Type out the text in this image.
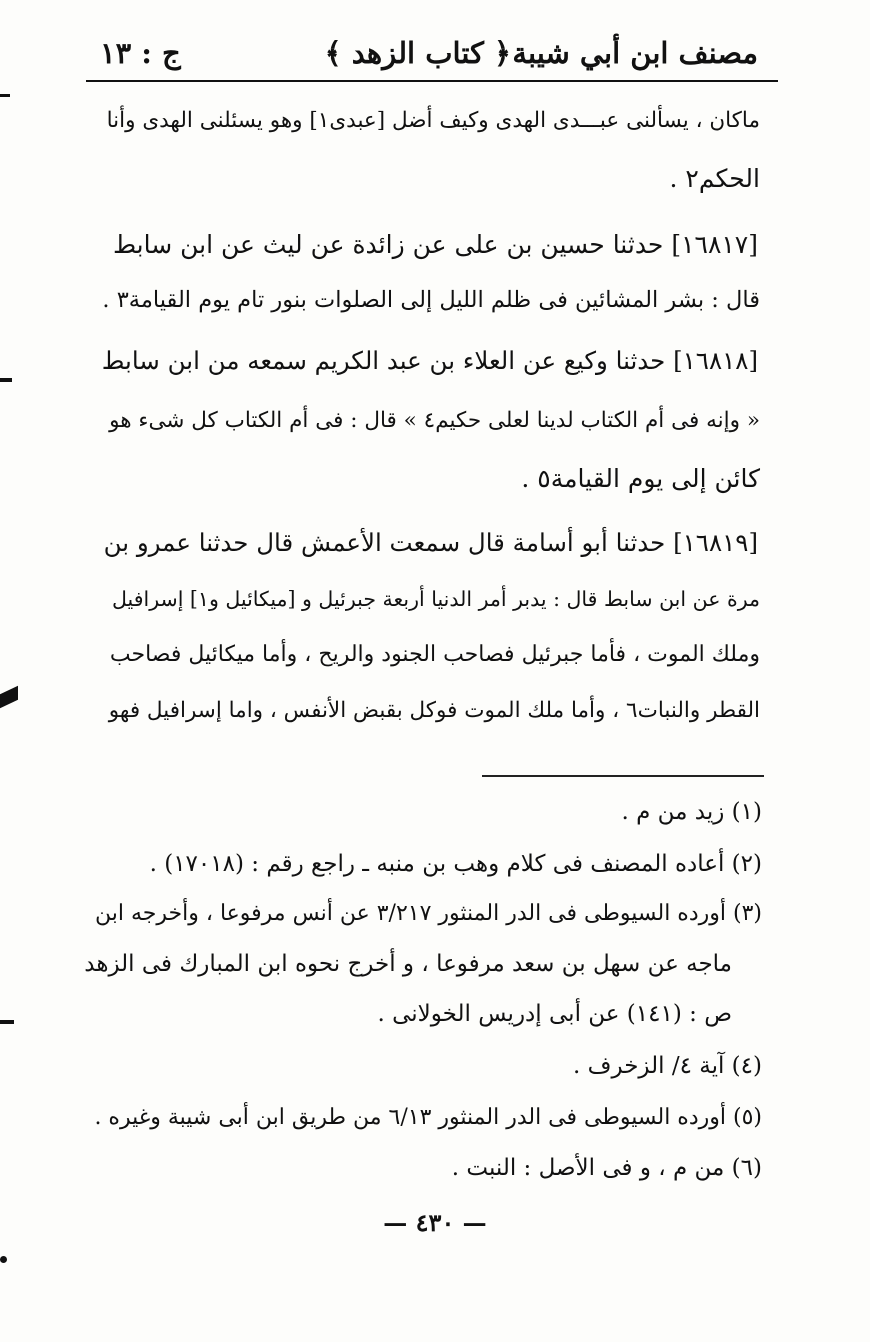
مصنف ابن أبي شيبة
﴿ كتاب الزهد ﴾
ج : ١٣
ماكان ، يسألنى عبـــدى الهدى وكيف أضل [عبدى١] وهو يسئلنى الهدى وأنا
الحكم٢ .
[١٦٨١٧] حدثنا حسين بن على عن زائدة عن ليث عن ابن سابط
قال : بشر المشائين فى ظلم الليل إلى الصلوات بنور تام يوم القيامة٣ .
[١٦٨١٨] حدثنا وكيع عن العلاء بن عبد الكريم سمعه من ابن سابط
« وإنه فى أم الكتاب لدينا لعلى حكيم٤ » قال : فى أم الكتاب كل شىء هو
كائن إلى يوم القيامة٥ .
[١٦٨١٩] حدثنا أبو أسامة قال سمعت الأعمش قال حدثنا عمرو بن
مرة عن ابن سابط قال : يدبر أمر الدنيا أربعة جبرئيل و [ميكائيل و١] إسرافيل
وملك الموت ، فأما جبرئيل فصاحب الجنود والريح ، وأما ميكائيل فصاحب
القطر والنبات٦ ، وأما ملك الموت فوكل بقبض الأنفس ، واما إسرافيل فهو
(١) زيد من م .
(٢) أعاده المصنف فى كلام وهب بن منبه ـ راجع رقم : (١٧٠١٨) .
(٣) أورده السيوطى فى الدر المنثور ٣/٢١٧ عن أنس مرفوعا ، وأخرجه ابن
ماجه عن سهل بن سعد مرفوعا ، و أخرج نحوه ابن المبارك فى الزهد
ص : (١٤١) عن أبى إدريس الخولانى .
(٤) آية ٤/ الزخرف .
(٥) أورده السيوطى فى الدر المنثور ٦/١٣ من طريق ابن أبى شيبة وغيره .
(٦) من م ، و فى الأصل : النبت .
— ٤٣٠ —
